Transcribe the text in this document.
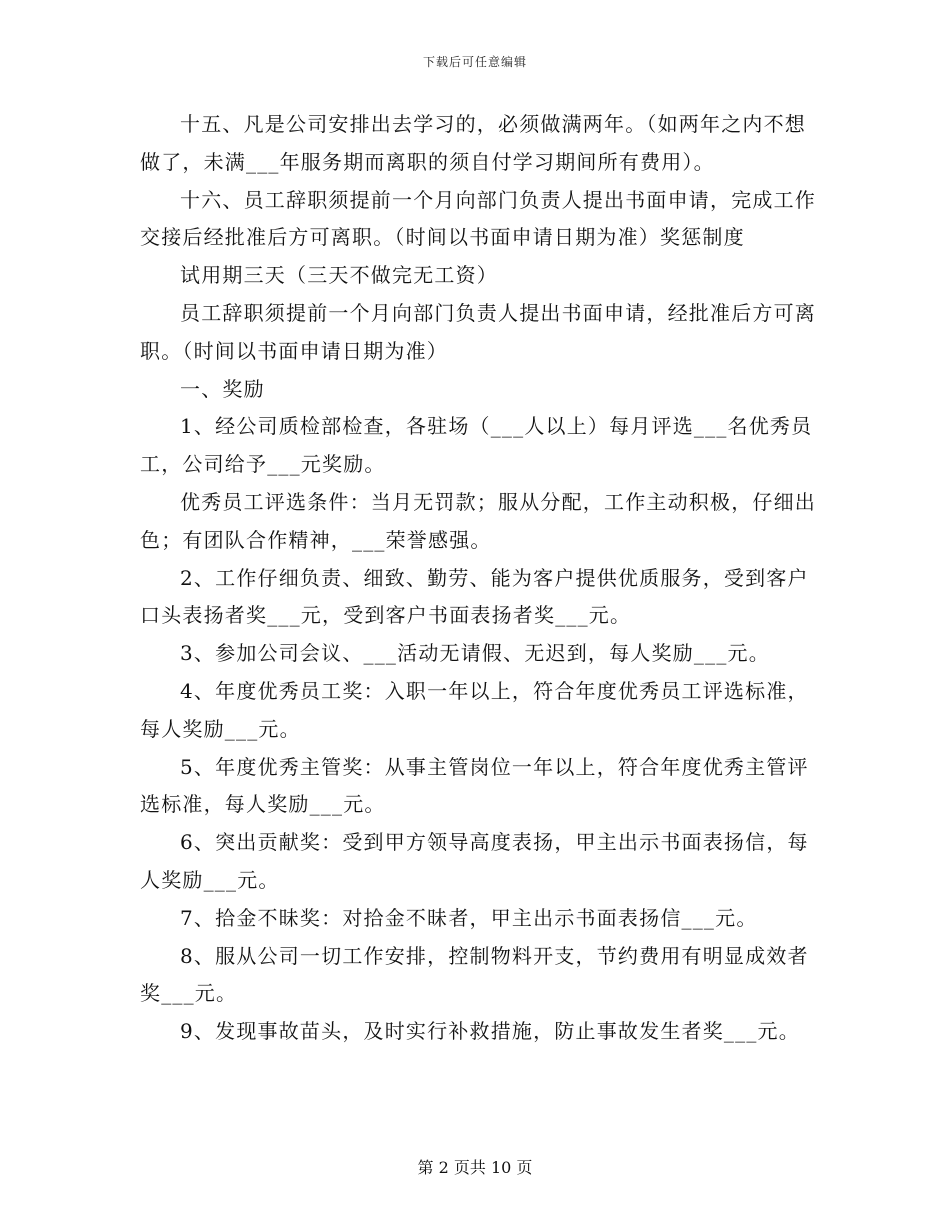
下载后可任意编辑

十五、凡是公司安排出去学习的，必须做满两年。（如两年之内不想做了，未满___年服务期而离职的须自付学习期间所有费用）。

十六、员工辞职须提前一个月向部门负责人提出书面申请，完成工作交接后经批准后方可离职。（时间以书面申请日期为准）奖惩制度

试用期三天（三天不做完无工资）

员工辞职须提前一个月向部门负责人提出书面申请，经批准后方可离职。（时间以书面申请日期为准）

一、奖励

1、经公司质检部检查，各驻场（___人以上）每月评选___名优秀员工，公司给予___元奖励。

优秀员工评选条件：当月无罚款；服从分配，工作主动积极，仔细出色；有团队合作精神，___荣誉感强。

2、工作仔细负责、细致、勤劳、能为客户提供优质服务，受到客户口头表扬者奖___元，受到客户书面表扬者奖___元。

3、参加公司会议、___活动无请假、无迟到，每人奖励___元。

4、年度优秀员工奖：入职一年以上，符合年度优秀员工评选标准，每人奖励___元。

5、年度优秀主管奖：从事主管岗位一年以上，符合年度优秀主管评选标准，每人奖励___元。

6、突出贡献奖：受到甲方领导高度表扬，甲主出示书面表扬信，每人奖励___元。

7、拾金不昧奖：对拾金不昧者，甲主出示书面表扬信___元。

8、服从公司一切工作安排，控制物料开支，节约费用有明显成效者奖___元。

9、发现事故苗头，及时实行补救措施，防止事故发生者奖___元。

第 2 页共 10 页
